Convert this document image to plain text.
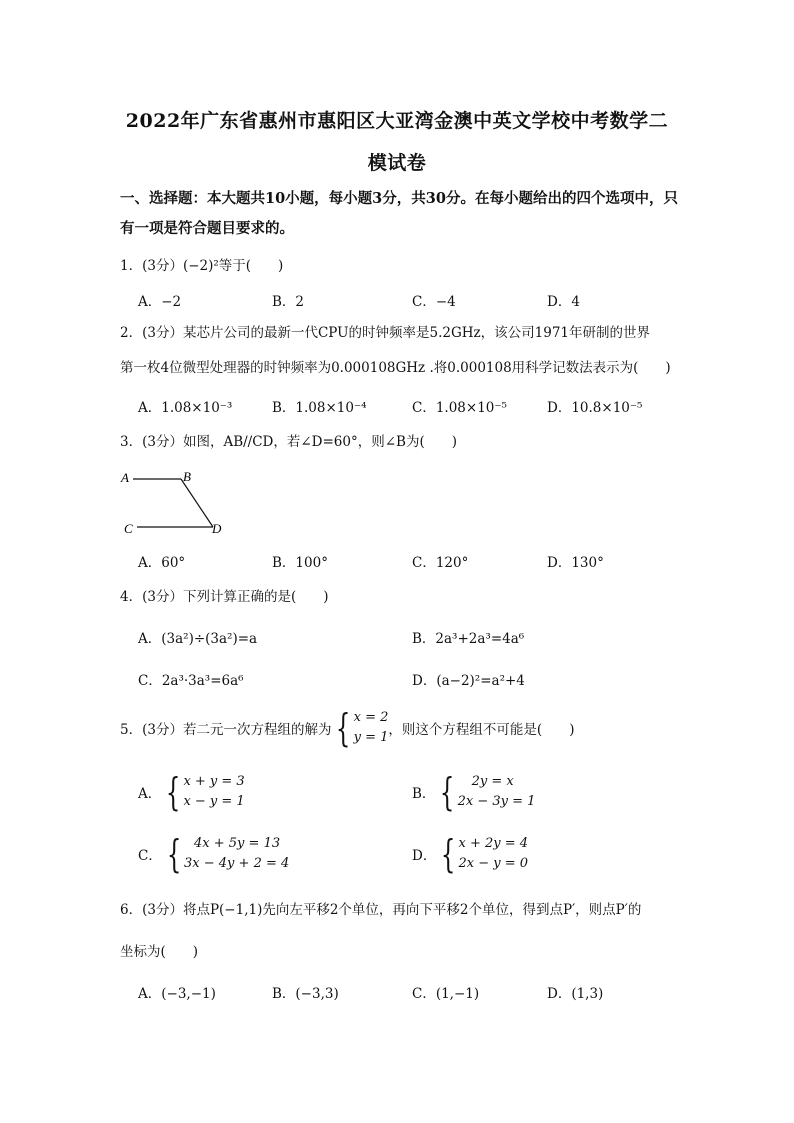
2022年广东省惠州市惠阳区大亚湾金澳中英文学校中考数学二
模试卷
一、选择题：本大题共10小题，每小题3分，共30分。在每小题给出的四个选项中，只
有一项是符合题目要求的。
1．(3分）(−2)²等于(　　)
A．−2	B．2	C．−4	D．4
2．(3分）某芯片公司的最新一代CPU的时钟频率是5.2GHz，该公司1971年研制的世界
第一枚4位微型处理器的时钟频率为0.000108GHz .将0.000108用科学记数法表示为(　　)
A．1.08×10⁻³	B．1.08×10⁻⁴	C．1.08×10⁻⁵	D．10.8×10⁻⁵
3．(3分）如图，AB//CD，若∠D=60°，则∠B为(　　)
A	B
C	D
A．60°	B．100°	C．120°	D．130°
4．(3分）下列计算正确的是(　　)
A．(3a²)÷(3a²)=a	B．2a³+2a³=4a⁶
C．2a³·3a³=6a⁶	D．(a−2)²=a²+4
5．(3分）若二元一次方程组的解为 { x = 2
y = 1 ，则这个方程组不可能是(　　)
A． { x + y = 3
x − y = 1	B． {	2y = x
2x − 3y = 1
C． { 4x + 5y = 13
3x − 4y + 2 = 4	D． { x + 2y = 4
2x − y = 0
6．(3分）将点P(−1,1)先向左平移2个单位，再向下平移2个单位，得到点P′，则点P′的
坐标为(　　)
A．(−3,−1)	B．(−3,3)	C．(1,−1)	D．(1,3)
